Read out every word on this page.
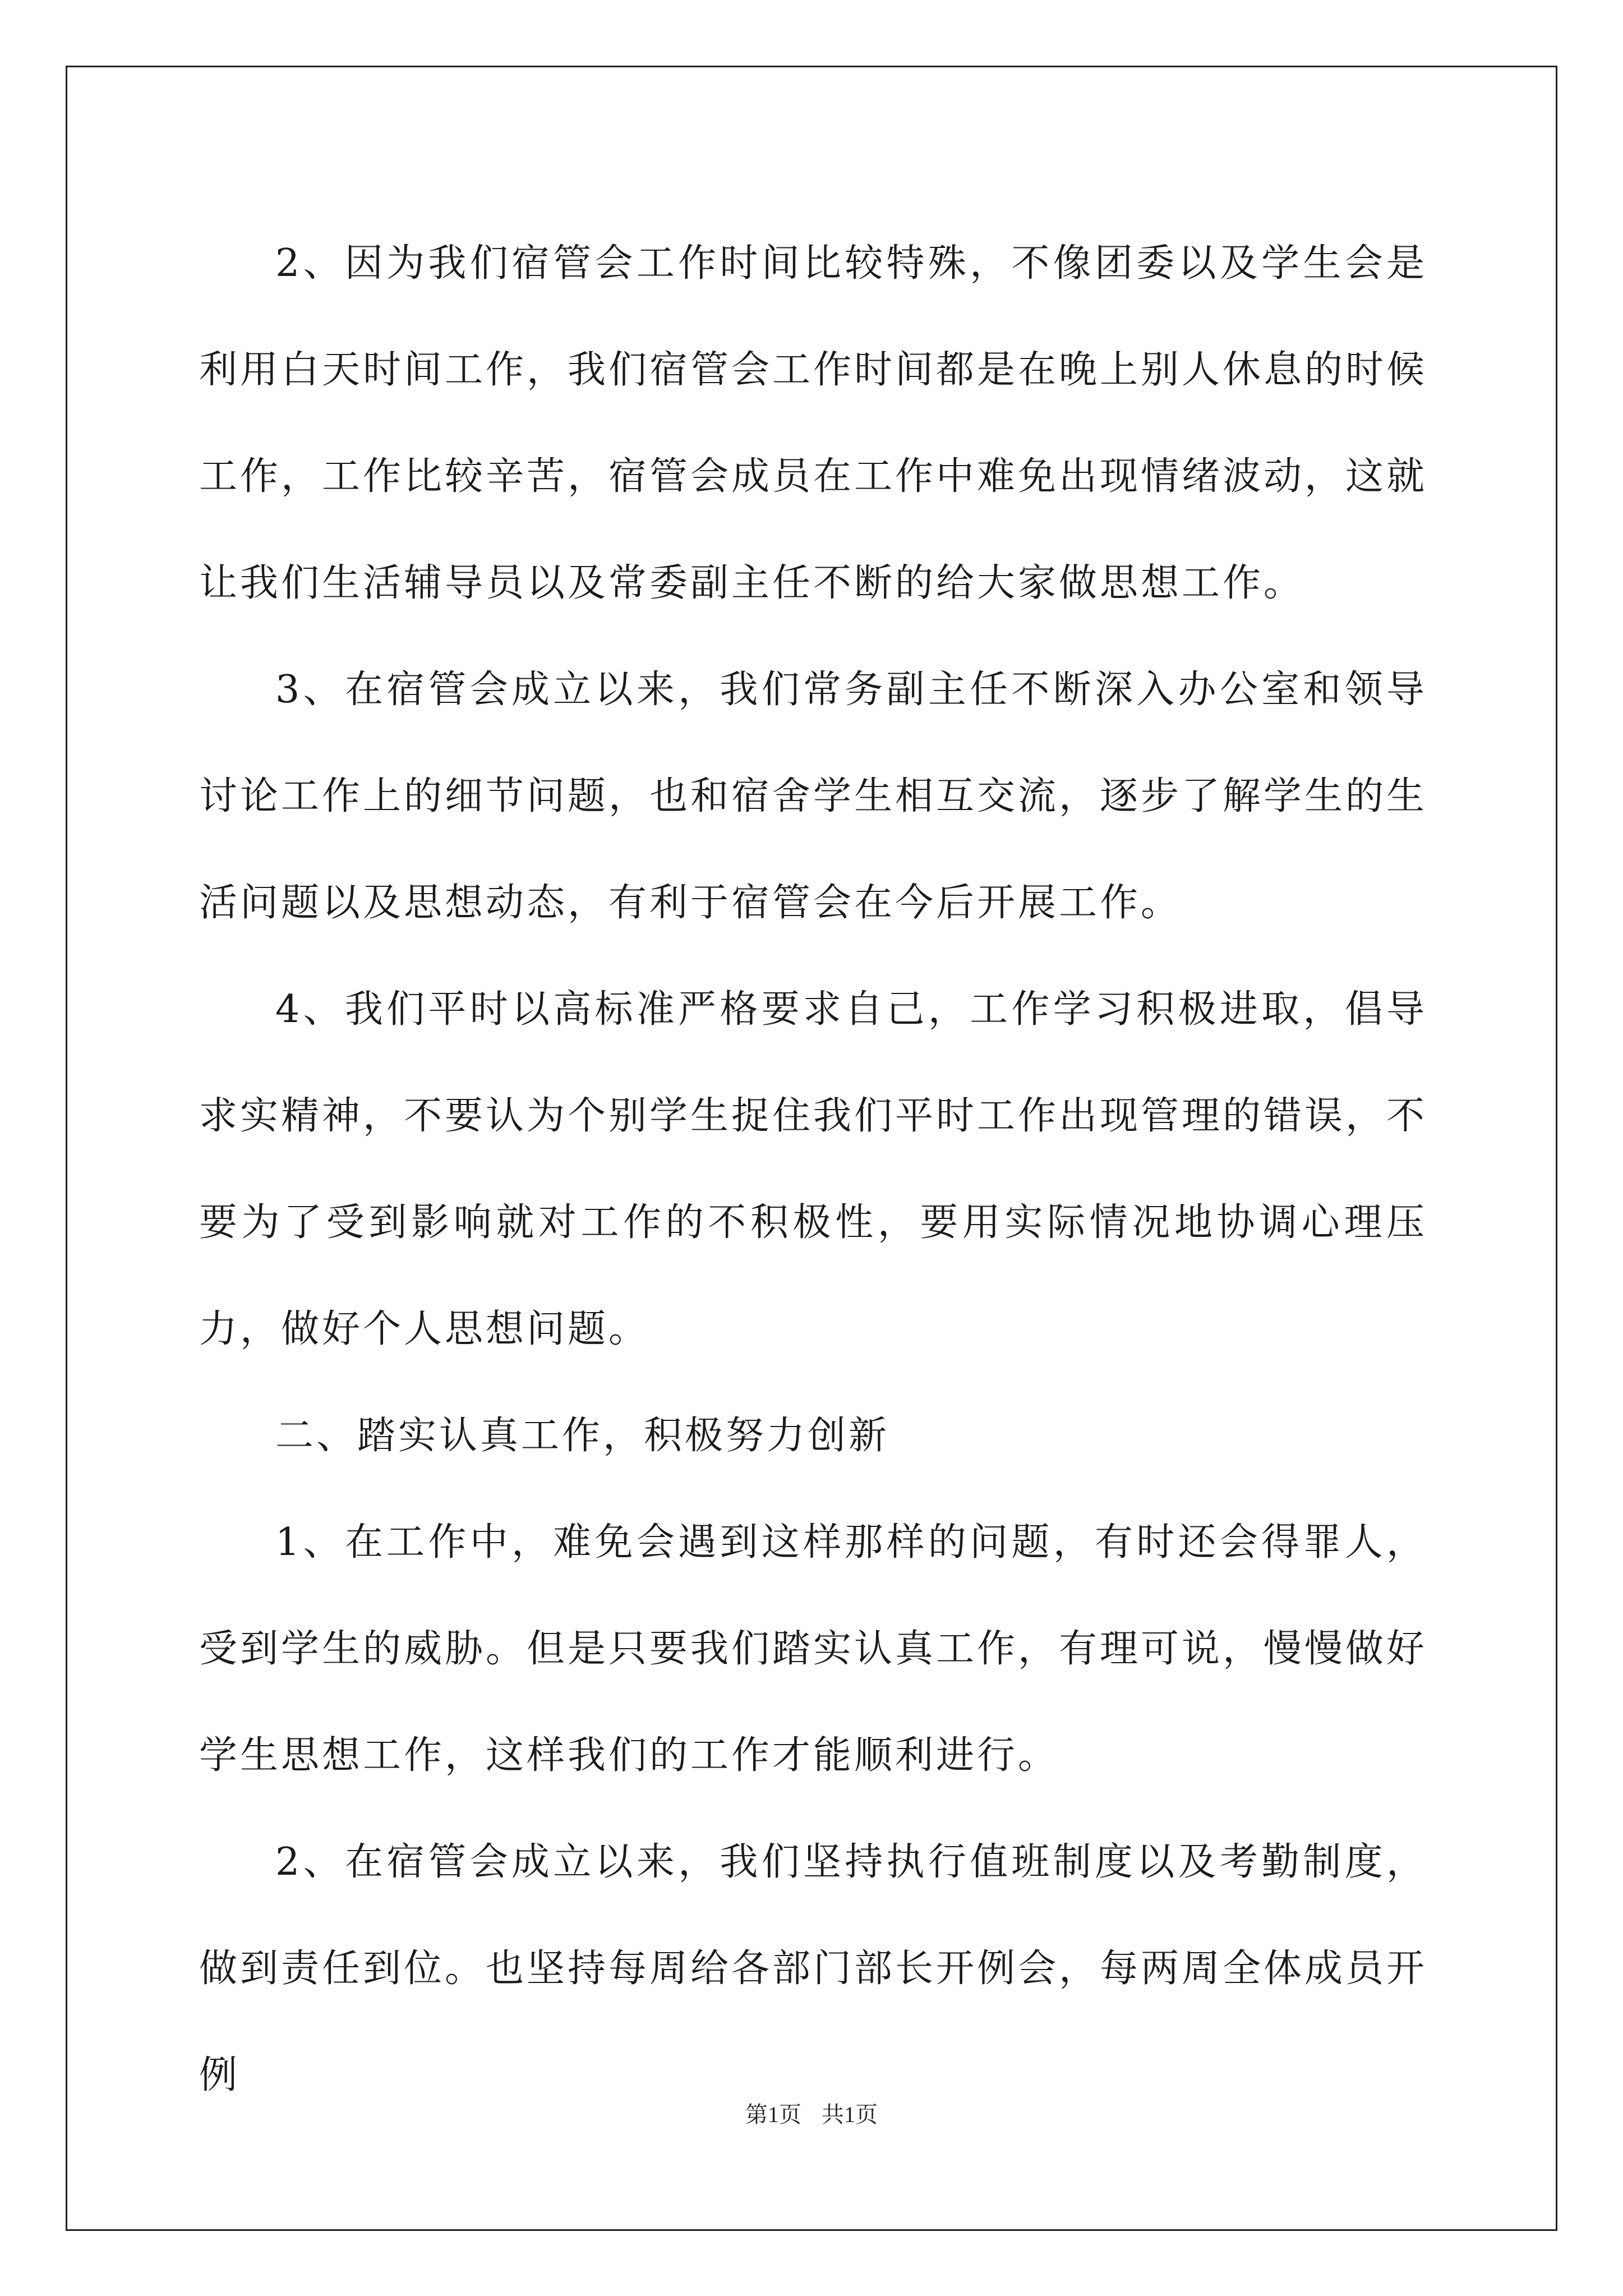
2、因为我们宿管会工作时间比较特殊，不像团委以及学生会是利用白天时间工作，我们宿管会工作时间都是在晚上别人休息的时候工作，工作比较辛苦，宿管会成员在工作中难免出现情绪波动，这就让我们生活辅导员以及常委副主任不断的给大家做思想工作。

3、在宿管会成立以来，我们常务副主任不断深入办公室和领导讨论工作上的细节问题，也和宿舍学生相互交流，逐步了解学生的生活问题以及思想动态，有利于宿管会在今后开展工作。

4、我们平时以高标准严格要求自己，工作学习积极进取，倡导求实精神，不要认为个别学生捉住我们平时工作出现管理的错误，不要为了受到影响就对工作的不积极性，要用实际情况地协调心理压力，做好个人思想问题。

二、踏实认真工作，积极努力创新

1、在工作中，难免会遇到这样那样的问题，有时还会得罪人，受到学生的威胁。但是只要我们踏实认真工作，有理可说，慢慢做好学生思想工作，这样我们的工作才能顺利进行。

2、在宿管会成立以来，我们坚持执行值班制度以及考勤制度，做到责任到位。也坚持每周给各部门部长开例会，每两周全体成员开例

第1页 共1页
